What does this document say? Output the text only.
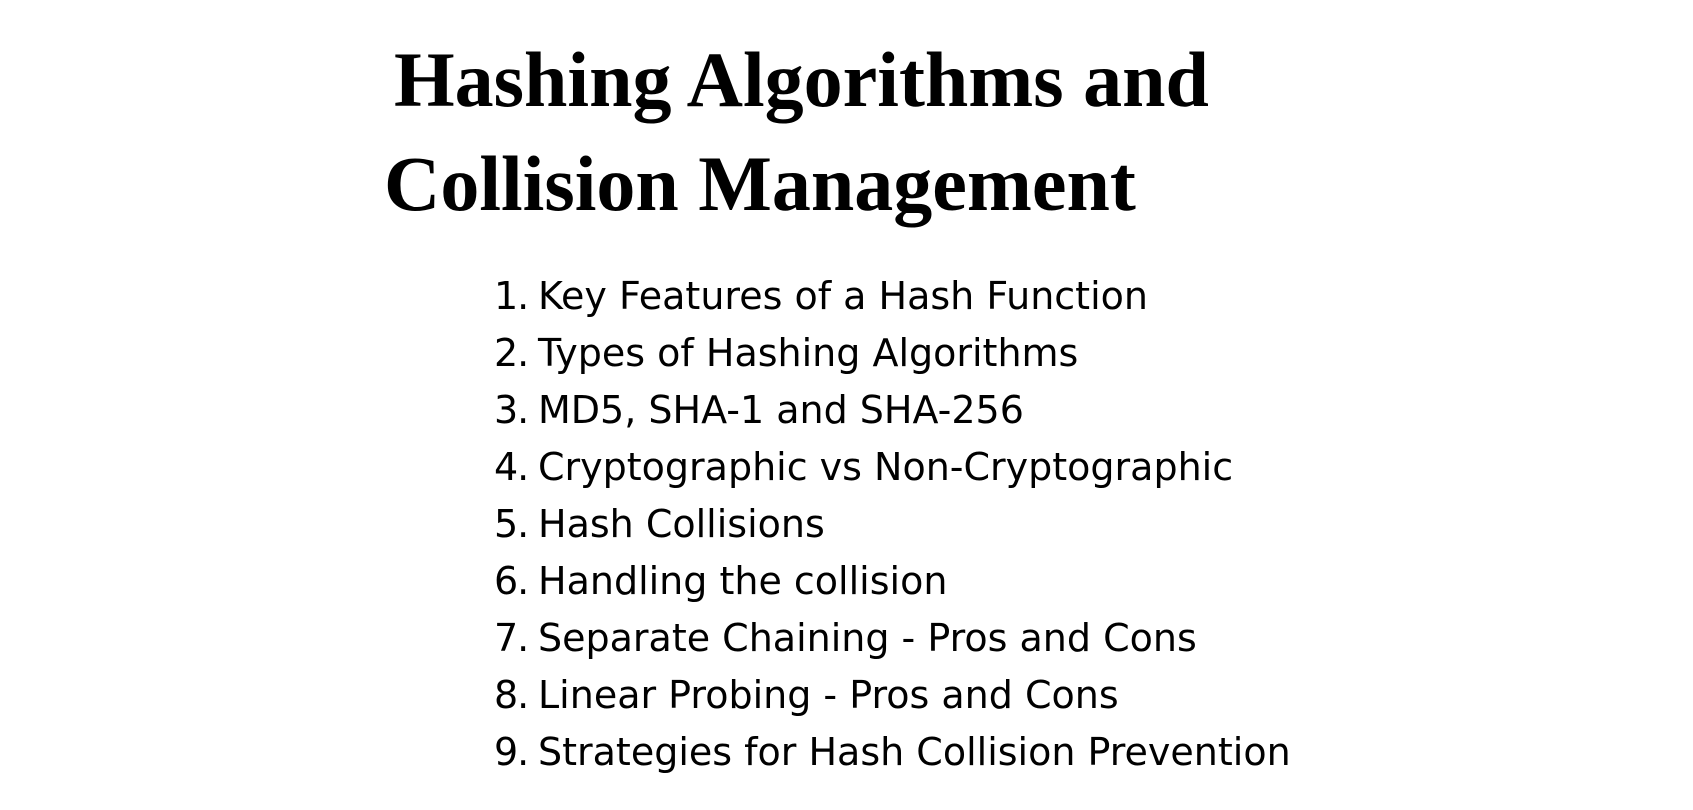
Hashing Algorithms and
Collision Management
1. Key Features of a Hash Function
2. Types of Hashing Algorithms
3. MD5, SHA-1 and SHA-256
4. Cryptographic vs Non-Cryptographic
5. Hash Collisions
6. Handling the collision
7. Separate Chaining - Pros and Cons
8. Linear Probing - Pros and Cons
9. Strategies for Hash Collision Prevention
